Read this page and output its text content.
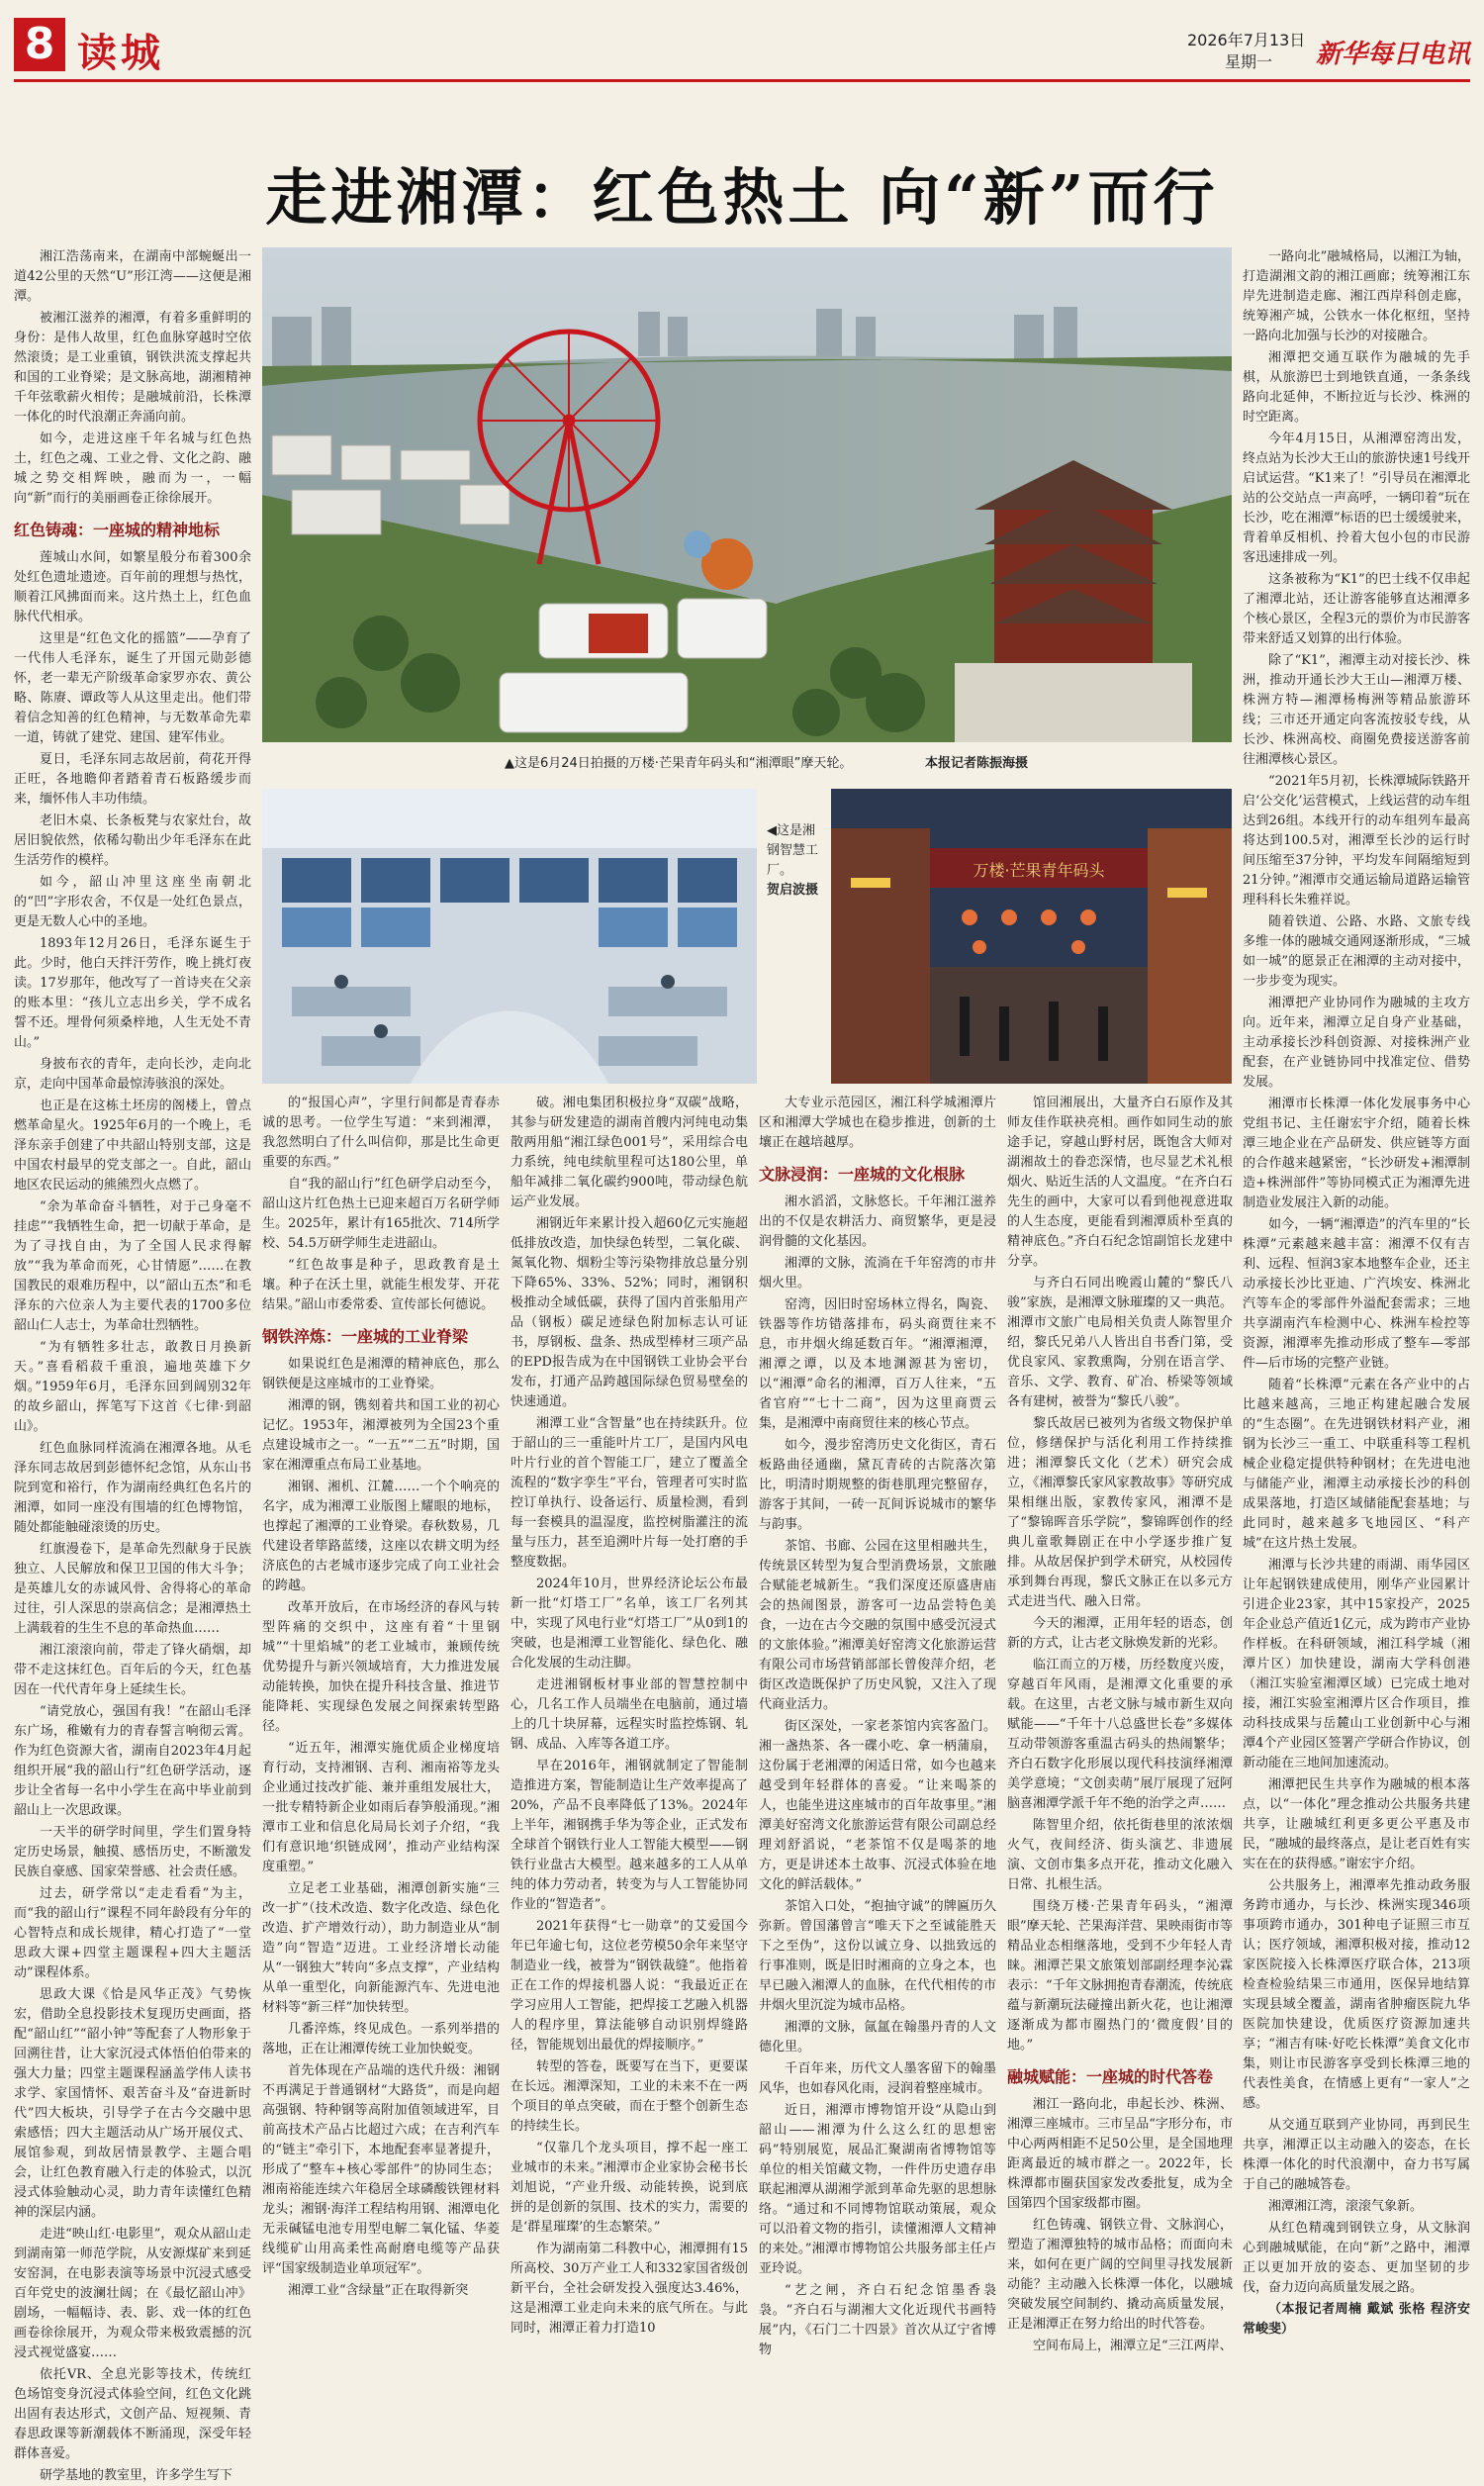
8 读城	2026年7月13日
星期一 新华每日电讯
走进湘潭：红色热土 向“新”而行
▲这是6月24日拍摄的万楼·芒果青年码头和“湘潭眼”摩天轮。	本报记者陈振海摄
◀这是湘钢智慧工厂。
贺启波摄
万楼·芒果青年码头

湘江浩荡南来，在湖南中部蜿蜒出一道42公里的天然“U”形江湾——这便是湘潭。

被湘江滋养的湘潭，有着多重鲜明的身份：是伟人故里，红色血脉穿越时空依然滚烫；是工业重镇，钢铁洪流支撑起共和国的工业脊梁；是文脉高地，湖湘精神千年弦歌薪火相传；是融城前沿，长株潭一体化的时代浪潮正奔涌向前。

如今，走进这座千年名城与红色热土，红色之魂、工业之骨、文化之韵、融城之势交相辉映，融而为一，一幅向“新”而行的美丽画卷正徐徐展开。

红色铸魂：一座城的精神地标

莲城山水间，如繁星般分布着300余处红色遗址遗迹。百年前的理想与热忱，顺着江风拂面而来。这片热土上，红色血脉代代相承。

这里是“红色文化的摇篮”——孕育了一代伟人毛泽东，诞生了开国元勋彭德怀，老一辈无产阶级革命家罗亦农、黄公略、陈赓、谭政等人从这里走出。他们带着信念知善的红色精神，与无数革命先辈一道，铸就了建党、建国、建军伟业。

夏日，毛泽东同志故居前，荷花开得正旺，各地瞻仰者踏着青石板路缓步而来，缅怀伟人丰功伟绩。

老旧木桌、长条板凳与农家灶台，故居旧貌依然，依稀勾勒出少年毛泽东在此生活劳作的模样。

如今，韶山冲里这座坐南朝北的“凹”字形农舍，不仅是一处红色景点，更是无数人心中的圣地。

1893年12月26日，毛泽东诞生于此。少时，他白天拌汗劳作，晚上挑灯夜读。17岁那年，他改写了一首诗夹在父亲的账本里：“孩儿立志出乡关，学不成名誓不还。埋骨何须桑梓地，人生无处不青山。”

身披布衣的青年，走向长沙，走向北京，走向中国革命最惊涛骇浪的深处。

也正是在这栋土坯房的阁楼上，曾点燃革命星火。1925年6月的一个晚上，毛泽东亲手创建了中共韶山特别支部，这是中国农村最早的党支部之一。自此，韶山地区农民运动的熊熊烈火点燃了。

“余为革命奋斗牺牲，对于己身毫不挂虑”“我牺牲生命，把一切献于革命，是为了寻找自由，为了全国人民求得解放”“我为革命而死，心甘情愿”……在教国教民的艰难历程中，以“韶山五杰”和毛泽东的六位亲人为主要代表的1700多位韶山仁人志士，为革命壮烈牺牲。

“为有牺牲多壮志，敢教日月换新天。”喜看稻菽千重浪，遍地英雄下夕烟。”1959年6月，毛泽东回到阔别32年的故乡韶山，挥笔写下这首《七律·到韶山》。

红色血脉同样流淌在湘潭各地。从毛泽东同志故居到彭德怀纪念馆，从东山书院到宽和裕行，作为湖南经典红色名片的湘潭，如同一座没有围墙的红色博物馆，随处都能触碰滚烫的历史。

红旗漫卷下，是革命先烈献身于民族独立、人民解放和保卫卫国的伟大斗争；是英雄儿女的赤诚风骨、舍得将心的革命过往，引人深思的崇高信念；是湘潭热土上满载着的生生不息的革命热血……

湘江滚滚向前，带走了锋火硝烟，却带不走这抹红色。百年后的今天，红色基因在一代代青年身上延续生长。

“请党放心，强国有我！”在韶山毛泽东广场，稚嫩有力的青春誓言响彻云霄。作为红色资源大省，湖南自2023年4月起组织开展“我的韶山行”红色研学活动，逐步让全省每一名中小学生在高中毕业前到韶山上一次思政课。

一天半的研学时间里，学生们置身特定历史场景，触摸、感悟历史，不断激发民族自豪感、国家荣誉感、社会责任感。

过去，研学常以“走走看看”为主，而“我的韶山行”课程不同年龄段有分年的心智特点和成长规律，精心打造了“一堂思政大课+四堂主题课程+四大主题活动”课程体系。

思政大课《恰是风华正茂》气势恢宏，借助全息投影技术复现历史画面，搭配“韶山红”“韶小钟”等配套了人物形象于回溯往昔，让大家沉浸式体悟伯伯带来的强大力量；四堂主题课程涵盖学伟人读书求学、家国情怀、艰苦奋斗及“奋进新时代”四大板块，引导学子在古今交融中思索感悟；四大主题活动从广场开展仪式、展馆参观，到故居情景教学、主题合唱会，让红色教育融入行走的体验式，以沉浸式体验触动心灵，助力青年读懂红色精神的深层内涵。

走进“映山红·电影里”，观众从韶山走到湖南第一师范学院，从安源煤矿来到延安窑洞，在电影表演等场景中沉浸式感受百年党史的波澜壮阔；在《最忆韶山冲》剧场，一幅幅诗、表、影、戏一体的红色画卷徐徐展开，为观众带来极致震撼的沉浸式视觉盛宴……

依托VR、全息光影等技术，传统红色场馆变身沉浸式体验空间，红色文化跳出固有表达形式，文创产品、短视频、青春思政课等新潮载体不断涌现，深受年轻群体喜爱。

研学基地的教室里，许多学生写下

的“报国心声”，字里行间都是青春赤诚的思考。一位学生写道：“来到湘潭，我忽然明白了什么叫信仰，那是比生命更重要的东西。”

自“我的韶山行”红色研学启动至今，韶山这片红色热土已迎来超百万名研学师生。2025年，累计有165批次、714所学校、54.5万研学师生走进韶山。

“红色故事是种子，思政教育是土壤。种子在沃土里，就能生根发芽、开花结果。”韶山市委常委、宣传部长何德说。

钢铁淬炼：一座城的工业脊梁

如果说红色是湘潭的精神底色，那么钢铁便是这座城市的工业脊梁。

湘潭的钢，镌刻着共和国工业的初心记忆。1953年，湘潭被列为全国23个重点建设城市之一。“一五”“二五”时期，国家在湘潭重点布局工业基地。

湘钢、湘机、江麓……一个个响亮的名字，成为湘潭工业版图上耀眼的地标，也撑起了湘潭的工业脊梁。春秋数易，几代建设者筚路蓝缕，这座以农耕文明为经济底色的古老城市逐步完成了向工业社会的跨越。

改革开放后，在市场经济的春风与转型阵痛的交织中，这座有着“十里钢城”“十里焰城”的老工业城市，兼顾传统优势提升与新兴领域培育，大力推进发展动能转换，加快在提升科技含量、推进节能降耗、实现绿色发展之间探索转型路径。

“近五年，湘潭实施优质企业梯度培育行动，支持湘钢、吉利、湘南裕等龙头企业通过技改扩能、兼并重组发展壮大，一批专精特新企业如雨后春笋般涌现。”湘潭市工业和信息化局局长刘子介绍，“我们有意识地‘织链成网’，推动产业结构深度重塑。”

立足老工业基础，湘潭创新实施“三改一扩”（技术改造、数字化改造、绿色化改造、扩产增效行动），助力制造业从“制造”向“智造”迈进。工业经济增长动能从“一钢独大”转向“多点支撑”，产业结构从单一重型化，向新能源汽车、先进电池材料等“新三样”加快转型。

几番淬炼，终见成色。一系列举措的落地，正在让湘潭传统工业加快蜕变。

首先体现在产品端的迭代升级：湘钢不再满足于普通钢材“大路货”，而是向超高强钢、特种钢等高附加值领域进军，目前高技术产品占比超过六成；在吉利汽车的“链主”牵引下，本地配套率显著提升，形成了“整车+核心零部件”的协同生态；湘南裕能连续六年稳居全球磷酸铁锂材料龙头；湘钢·海洋工程结构用钢、湘潭电化无汞碱锰电池专用型电解二氧化锰、华菱线缆矿山用高柔性高耐磨电缆等产品获评“国家级制造业单项冠军”。

湘潭工业“含绿量”正在取得新突

破。湘电集团积极拉身“双碳”战略，其参与研发建造的湖南首艘内河纯电动集散两用船“湘江绿色001号”，采用综合电力系统，纯电续航里程可达180公里，单船年减排二氧化碳约900吨，带动绿色航运产业发展。

湘钢近年来累计投入超60亿元实施超低排放改造，加快绿色转型，二氧化碳、氮氧化物、烟粉尘等污染物排放总量分别下降65%、33%、52%；同时，湘钢积极推动全域低碳，获得了国内首张船用产品（钢板）碳足迹绿色附加标志认可证书，厚钢板、盘条、热成型棒材三项产品的EPD报告成为在中国钢铁工业协会平台发布，打通产品跨越国际绿色贸易壁垒的快速通道。

湘潭工业“含智量”也在持续跃升。位于韶山的三一重能叶片工厂，是国内风电叶片行业的首个智能工厂，建立了覆盖全流程的“数字孪生”平台，管理者可实时监控订单执行、设备运行、质量检测，看到每一套模具的温湿度，监控树脂灌注的流量与压力，甚至追溯叶片每一处打磨的手整度数据。

2024年10月，世界经济论坛公布最新一批“灯塔工厂”名单，该工厂名列其中，实现了风电行业“灯塔工厂”从0到1的突破，也是湘潭工业智能化、绿色化、融合化发展的生动注脚。

走进湘钢板材事业部的智慧控制中心，几名工作人员端坐在电脑前，通过墙上的几十块屏幕，远程实时监控炼钢、轧钢、成品、入库等各道工序。

早在2016年，湘钢就制定了智能制造推进方案，智能制造让生产效率提高了20%，产品不良率降低了13%。2024年上半年，湘钢携手华为等企业，正式发布全球首个钢铁行业人工智能大模型——钢铁行业盘古大模型。越来越多的工人从单纯的体力劳动者，转变为与人工智能协同作业的“智造者”。

2021年获得“七一勋章”的艾爱国今年已年逾七旬，这位老劳模50余年来坚守制造业一线，被誉为“钢铁裁缝”。他指着正在工作的焊接机器人说：“我最近正在学习应用人工智能，把焊接工艺融入机器人的程序里，算法能够自动识别焊缝路径，智能规划出最优的焊接顺序。”

转型的答卷，既要写在当下，更要谋在长远。湘潭深知，工业的未来不在一两个项目的单点突破，而在于整个创新生态的持续生长。

“仅靠几个龙头项目，撑不起一座工业城市的未来。”湘潭市企业家协会秘书长刘旭说，“产业升级、动能转换，说到底拼的是创新的氛围、技术的实力，需要的是‘群星璀璨’的生态繁荣。”

作为湖南第二科教中心，湘潭拥有15所高校、30万产业工人和332家国省级创新平台，全社会研发投入强度达3.46%，这是湘潭工业走向未来的底气所在。与此同时，湘潭正着力打造10

大专业示范园区，湘江科学城湘潭片区和湘潭大学城也在稳步推进，创新的土壤正在越培越厚。

文脉浸润：一座城的文化根脉

湘水滔滔，文脉悠长。千年湘江滋养出的不仅是农耕活力、商贸繁华，更是浸润骨髓的文化基因。

湘潭的文脉，流淌在千年窑湾的市井烟火里。

窑湾，因旧时窑场林立得名，陶瓷、铁器等作坊错落排布，码头商贾往来不息，市井烟火绵延数百年。“湘潭湘潭，湘潭之谭，以及本地渊源甚为密切，以“湘潭”命名的湘潭，百万人往来，“五省官府”“七十二商”，因为这里商贾云集，是湘潭中南商贸往来的核心节点。

如今，漫步窑湾历史文化街区，青石板路曲径通幽，黛瓦青砖的古院落次第比，明清时期规整的街巷肌理完整留存，游客于其间，一砖一瓦间诉说城市的繁华与韵事。

茶馆、书廊、公园在这里相融共生，传统景区转型为复合型消费场景，文旅融合赋能老城新生。“我们深度还原盛唐庙会的热闹图景，游客可一边品尝特色美食，一边在古今交融的氛围中感受沉浸式的文旅体验。”湘潭美好窑湾文化旅游运营有限公司市场营销部部长曾俊萍介绍，老街区改造既保护了历史风貌，又注入了现代商业活力。

街区深处，一家老茶馆内宾客盈门。湘一盏热茶、各一碟小吃、拿一柄蒲扇，这份属于老湘潭的闲适日常，如今也越来越受到年轻群体的喜爱。“让来喝茶的人，也能坐进这座城市的百年故事里。”湘潭美好窑湾文化旅游运营有限公司副总经理刘舒滔说，“老茶馆不仅是喝茶的地方，更是讲述本土故事、沉浸式体验在地文化的鲜活载体。”

茶馆入口处，“抱抽守诚”的牌匾历久弥新。曾国藩曾言“唯天下之至诚能胜天下之至伪”，这份以诚立身、以拙致远的行事准则，既是旧时湘商的立身之本，也早已融入湘潭人的血脉，在代代相传的市井烟火里沉淀为城市品格。

湘潭的文脉，氤氲在翰墨丹青的人文德化里。

千百年来，历代文人墨客留下的翰墨风华，也如春风化雨，浸润着整座城市。

近日，湘潭市博物馆开设“从隐山到韶山——湘潭为什么这么红的思想密码”特别展览，展品汇聚湖南省博物馆等单位的相关馆藏文物，一件件历史遗存串联起湘潭从湖湘学派到革命先驱的思想脉络。“通过和不同博物馆联动策展，观众可以沿着文物的指引，读懂湘潭人文精神的来处。”湘潭市博物馆公共服务部主任卢亚玲说。

“艺之闸，齐白石纪念馆墨香袅袅。“齐白石与湖湘大文化近现代书画特展”内，《石门二十四景》首次从辽宁省博物

馆回湘展出，大量齐白石原作及其师友佳作联袂亮相。画作如同生动的旅途手记，穿越山野村居，既饱含大师对湖湘故土的眷恋深情，也尽显艺术礼根烟火、贴近生活的人文温度。“在齐白石先生的画中，大家可以看到他视意进取的人生态度，更能看到湘潭质朴至真的精神底色。”齐白石纪念馆副馆长龙建中分享。

与齐白石同出晚霞山麓的“黎氏八骏”家族，是湘潭文脉璀璨的又一典范。湘潭市文旅广电局相关负责人陈智里介绍，黎氏兄弟八人皆出自书香门第，受优良家风、家教熏陶，分别在语言学、音乐、文学、教育、矿冶、桥梁等领域各有建树，被誉为“黎氏八骏”。

黎氏故居已被列为省级文物保护单位，修缮保护与活化利用工作持续推进；湘潭黎氏文化（艺术）研究会成立，《湘潭黎氏家风家教故事》等研究成果相继出版，家教传家风，湘潭不是了“黎锦晖音乐学院”，黎锦晖创作的经典儿童歌舞剧正在中小学逐步推广复排。从故居保护到学术研究，从校园传承到舞台再现，黎氏文脉正在以多元方式走进当代、融入日常。

今天的湘潭，正用年轻的语态，创新的方式，让古老文脉焕发新的光彩。

临江而立的万楼，历经数度兴废，穿越百年风雨，是湘潭文化重要的承载。在这里，古老文脉与城市新生双向赋能——“千年十八总盛世长卷”多媒体互动带领游客重温古码头的热闹繁华；齐白石数字化形展以现代科技演绎湘潭美学意境；“文创卖萌”展厅展现了冠阿脑喜湘潭学派千年不绝的治学之声……

陈智里介绍，依托街巷里的浓浓烟火气，夜间经济、街头演艺、非遗展演、文创市集多点开花，推动文化融入日常、扎根生活。

围绕万楼·芒果青年码头，“湘潭眼”摩天轮、芒果海洋营、果映雨街市等精品业态相继落地，受到不少年轻人青睐。湘潭芒果文旅策划部副经理李沁霖表示：“千年文脉拥抱青春潮流，传统底蕴与新潮玩法碰撞出新火花，也让湘潭逐渐成为都市圈热门的‘微度假’目的地。”

融城赋能：一座城的时代答卷

湘江一路向北，串起长沙、株洲、湘潭三座城市。三市呈品“字形分布，市中心两两相距不足50公里，是全国地理距离最近的城市群之一。2022年，长株潭都市圈获国家发改委批复，成为全国第四个国家级都市圈。

红色铸魂、钢铁立骨、文脉润心，塑造了湘潭独特的城市品格；而面向未来，如何在更广阔的空间里寻找发展新动能？主动融入长株潭一体化，以融城突破发展空间制约、撬动高质量发展，正是湘潭正在努力给出的时代答卷。

空间布局上，湘潭立足“三江两岸、

一路向北”融城格局，以湘江为轴，打造湖湘文韵的湘江画廊；统筹湘江东岸先进制造走廊、湘江西岸科创走廊，统筹湘产城，公铁水一体化枢纽，坚持一路向北加强与长沙的对接融合。

湘潭把交通互联作为融城的先手棋，从旅游巴士到地铁直通，一条条线路向北延伸，不断拉近与长沙、株洲的时空距离。

今年4月15日，从湘潭窑湾出发，终点站为长沙大王山的旅游快速1号线开启试运营。“K1来了！”引导员在湘潭北站的公交站点一声高呼，一辆印着“玩在长沙，吃在湘潭”标语的巴士缓缓驶来，背着单反相机、拎着大包小包的市民游客迅速排成一列。

这条被称为“K1”的巴士线不仅串起了湘潭北站，还让游客能够直达湘潭多个核心景区，全程3元的票价为市民游客带来舒适又划算的出行体验。

除了“K1”，湘潭主动对接长沙、株洲，推动开通长沙大王山—湘潭万楼、株洲方特—湘潭杨梅洲等精品旅游环线；三市还开通定向客流按驳专线，从长沙、株洲高校、商圈免费接送游客前往湘潭核心景区。

“2021年5月初，长株潭城际铁路开启‘公交化’运营模式，上线运营的动车组达到26组。本线开行的动车组列车最高将达到100.5对，湘潭至长沙的运行时间压缩至37分钟，平均发车间隔缩短到21分钟。”湘潭市交通运输局道路运输管理科科长朱雅祥说。

随着铁道、公路、水路、文旅专线多维一体的融城交通网逐渐形成，“三城如一城”的愿景正在湘潭的主动对接中，一步步变为现实。

湘潭把产业协同作为融城的主攻方向。近年来，湘潭立足自身产业基础，主动承接长沙科创资源、对接株洲产业配套，在产业链协同中找准定位、借势发展。

湘潭市长株潭一体化发展事务中心党组书记、主任谢宏宇介绍，随着长株潭三地企业在产品研发、供应链等方面的合作越来越紧密，“长沙研发+湘潭制造+株洲部件”等协同模式正为湘潭先进制造业发展注入新的动能。

如今，一辆“湘潭造”的汽车里的“长株潭”元素越来越丰富：湘潭不仅有吉利、远程、恒润3家本地整车企业，还主动承接长沙比亚迪、广汽埃安、株洲北汽等车企的零部件外溢配套需求；三地共享湖南汽车检测中心、株洲车检控等资源，湘潭率先推动形成了整车—零部件—后市场的完整产业链。

随着“长株潭”元素在各产业中的占比越来越高，三地正构建起融合发展的“生态圈”。在先进钢铁材料产业，湘钢为长沙三一重工、中联重科等工程机械企业稳定提供特种钢材；在先进电池与储能产业，湘潭主动承接长沙的科创成果落地，打造区域储能配套基地；与此同时，越来越多飞地园区、“科产城”在这片热土发展。

湘潭与长沙共建的雨湖、雨华园区让年起钢铁建成使用，刚华产业园累计引进企业23家，其中15家投产，2025年企业总产值近1亿元，成为跨市产业协作样板。在科研领域，湘江科学城（湘潭片区）加快建设，湖南大学科创港（湘江实验室湘潭区域）已完成土地对接，湘江实验室湘潭片区合作项目，推动科技成果与岳麓山工业创新中心与湘潭4个产业园区签署产学研合作协议，创新动能在三地间加速流动。

湘潭把民生共享作为融城的根本落点，以“一体化”理念推动公共服务共建共享，让融城红利更多更公平惠及市民，“融城的最终落点，是让老百姓有实实在在的获得感。”谢宏宇介绍。

公共服务上，湘潭率先推动政务服务跨市通办，与长沙、株洲实现346项事项跨市通办，301种电子证照三市互认；医疗领域，湘潭积极对接，推动12家医院接入长株潭医疗联合体，213项检查检验结果三市通用，医保异地结算实现县域全覆盖，湖南省肿瘤医院九华医院加快建设，优质医疗资源加速共享；“湘吉有味·好吃长株潭”美食文化市集，则让市民游客享受到长株潭三地的代表性美食，在情感上更有“一家人”之感。

从交通互联到产业协同，再到民生共享，湘潭正以主动融入的姿态，在长株潭一体化的时代浪潮中，奋力书写属于自己的融城答卷。

湘潭湘江湾，滚滚气象新。

从红色精魂到钢铁立身，从文脉润心到融城赋能，在向“新”之路中，湘潭正以更加开放的姿态、更加坚韧的步伐，奋力迈向高质量发展之路。

（本报记者周楠 戴斌 张格 程济安 常峻斐）
